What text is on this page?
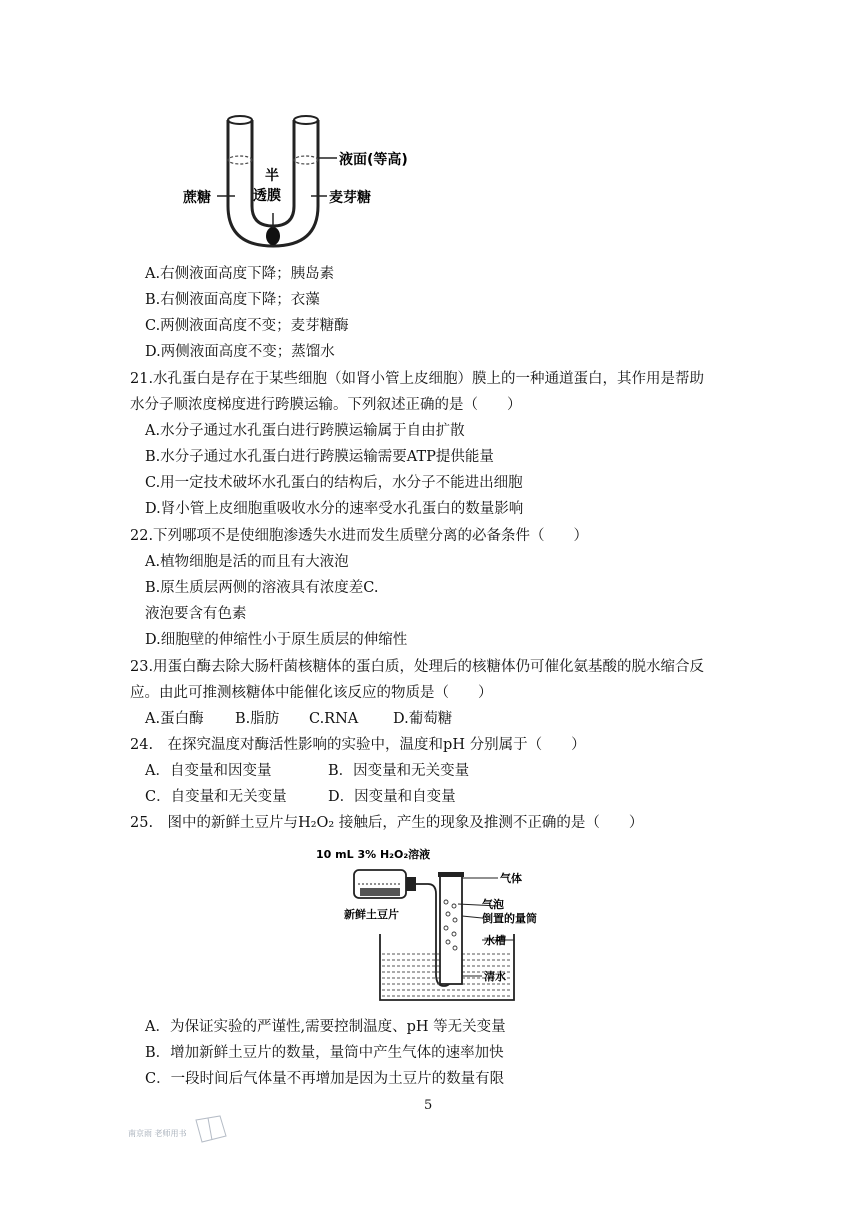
液面(等高)
半
透膜
蔗糖	麦芽糖
A.右侧液面高度下降；胰岛素
B.右侧液面高度下降；衣藻
C.两侧液面高度不变；麦芽糖酶
D.两侧液面高度不变；蒸馏水
21.水孔蛋白是存在于某些细胞（如肾小管上皮细胞）膜上的一种通道蛋白，其作用是帮助
水分子顺浓度梯度进行跨膜运输。下列叙述正确的是（　　）
A.水分子通过水孔蛋白进行跨膜运输属于自由扩散
B.水分子通过水孔蛋白进行跨膜运输需要ATP提供能量
C.用一定技术破坏水孔蛋白的结构后，水分子不能进出细胞
D.肾小管上皮细胞重吸收水分的速率受水孔蛋白的数量影响
22.下列哪项不是使细胞渗透失水进而发生质壁分离的必备条件（　　）
A.植物细胞是活的而且有大液泡
B.原生质层两侧的溶液具有浓度差C.
液泡要含有色素
D.细胞壁的伸缩性小于原生质层的伸缩性
23.用蛋白酶去除大肠杆菌核糖体的蛋白质，处理后的核糖体仍可催化氨基酸的脱水缩合反
应。由此可推测核糖体中能催化该反应的物质是（　　）
A.蛋白酶	B.脂肪	C.RNA	D.葡萄糖
24.　在探究温度对酶活性影响的实验中，温度和pH 分别属于（　　）
A．自变量和因变量	B．因变量和无关变量
C．自变量和无关变量	D．因变量和自变量
25.　图中的新鲜土豆片与H₂O₂ 接触后，产生的现象及推测不正确的是（　　）
10 mL 3% H₂O₂溶液
新鲜土豆片
气体
气泡
倒置的量筒
水槽
清水
A．为保证实验的严谨性,需要控制温度、pH 等无关变量
B．增加新鲜土豆片的数量，量筒中产生气体的速率加快
C．一段时间后气体量不再增加是因为土豆片的数量有限
5
南京雨 老师用书
